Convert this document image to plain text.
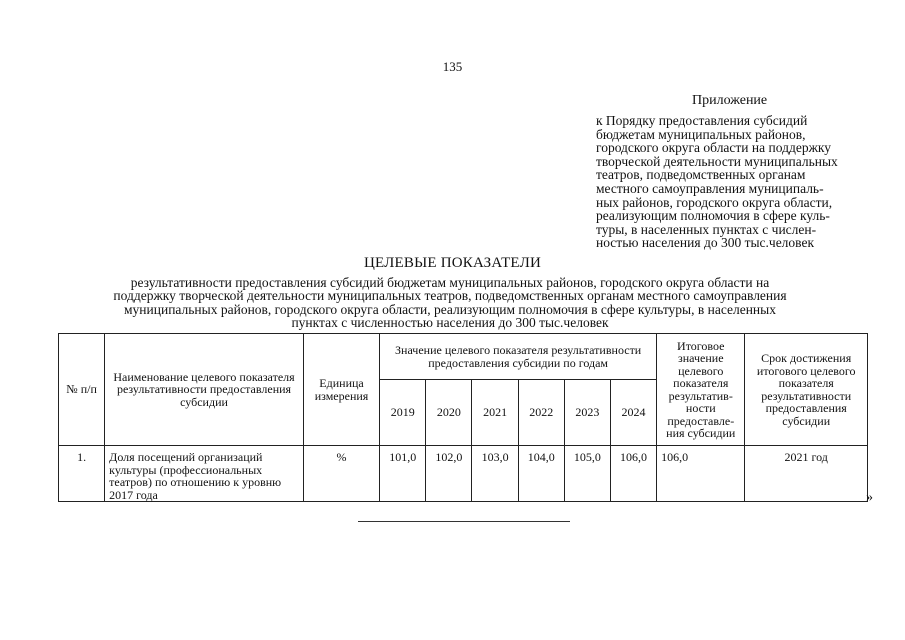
135
Приложение
к Порядку предоставления субсидий
бюджетам муниципальных районов,
городского округа области на поддержку
творческой деятельности муниципальных
театров, подведомственных органам
местного самоуправления муниципаль-
ных районов, городского округа области,
реализующим полномочия в сфере куль-
туры, в населенных пунктах с числен-
ностью населения до 300 тыс.человек
ЦЕЛЕВЫЕ ПОКАЗАТЕЛИ
результативности предоставления субсидий бюджетам муниципальных районов, городского округа области на
поддержку творческой деятельности муниципальных театров, подведомственных органам местного самоуправления
муниципальных районов, городского округа области, реализующим полномочия в сфере культуры, в населенных
пунктах с численностью населения до 300 тыс.человек
№ п/п	Наименование целевого показателя результативности предоставления субсидии	Единица измерения	Значение целевого показателя результативности предоставления субсидии по годам						Итоговое значение целевого показателя результатив-ности предоставле-ния субсидии	Срок достижения итогового целевого показателя результативности предоставления субсидии
			2019	2020	2021	2022	2023	2024		
1.	Доля посещений организаций культуры (профессиональных театров) по отношению к уровню 2017 года	%	101,0	102,0	103,0	104,0	105,0	106,0	106,0	2021 год
»
